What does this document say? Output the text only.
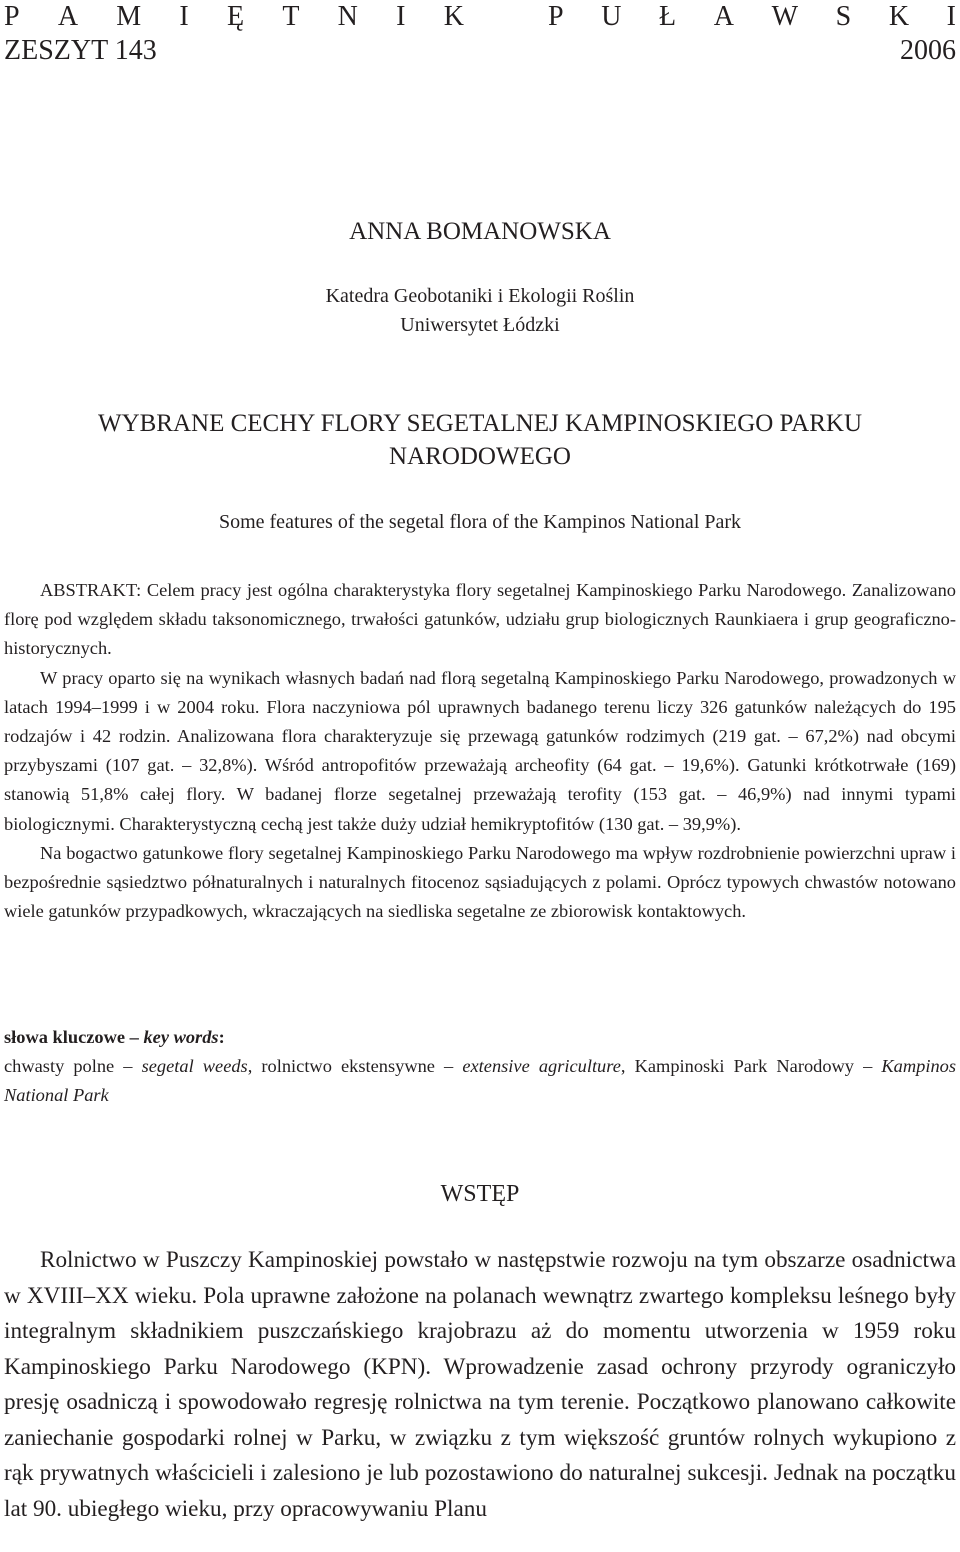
P A M I Ę T N I K	P U Ł A W S K I
ZESZYT 143	2006
ANNA BOMANOWSKA
Katedra Geobotaniki i Ekologii Roślin
Uniwersytet Łódzki
WYBRANE CECHY FLORY SEGETALNEJ KAMPINOSKIEGO PARKU
NARODOWEGO
Some features of the segetal flora of the Kampinos National Park

ABSTRAKT: Celem pracy jest ogólna charakterystyka flory segetalnej Kampinoskiego Parku Narodowego. Zanalizowano florę pod względem składu taksonomicznego, trwałości gatunków, udziału grup biologicznych Raunkiaera i grup geograficzno-historycznych.

W pracy oparto się na wynikach własnych badań nad florą segetalną Kampinoskiego Parku Narodowego, prowadzonych w latach 1994–1999 i w 2004 roku. Flora naczyniowa pól uprawnych badanego terenu liczy 326 gatunków należących do 195 rodzajów i 42 rodzin. Analizowana flora charakteryzuje się przewagą gatunków rodzimych (219 gat. – 67,2%) nad obcymi przybyszami (107 gat. – 32,8%). Wśród antropofitów przeważają archeofity (64 gat. – 19,6%). Gatunki krótkotrwałe (169) stanowią 51,8% całej flory. W badanej florze segetalnej przeważają terofity (153 gat. – 46,9%) nad innymi typami biologicznymi. Charakterystyczną cechą jest także duży udział hemikryptofitów (130 gat. – 39,9%).

Na bogactwo gatunkowe flory segetalnej Kampinoskiego Parku Narodowego ma wpływ rozdrobnienie powierzchni upraw i bezpośrednie sąsiedztwo półnaturalnych i naturalnych fitocenoz sąsiadujących z polami. Oprócz typowych chwastów notowano wiele gatunków przypadkowych, wkraczających na siedliska segetalne ze zbiorowisk kontaktowych.

słowa kluczowe – key words:
chwasty polne – segetal weeds, rolnictwo ekstensywne – extensive agriculture, Kampinoski Park Narodowy – Kampinos National Park
WSTĘP

Rolnictwo w Puszczy Kampinoskiej powstało w następstwie rozwoju na tym obszarze osadnictwa w XVIII–XX wieku. Pola uprawne założone na polanach wewnątrz zwartego kompleksu leśnego były integralnym składnikiem puszczańskiego krajobrazu aż do momentu utworzenia w 1959 roku Kampinoskiego Parku Narodowego (KPN). Wprowadzenie zasad ochrony przyrody ograniczyło presję osadniczą i spowodowało regresję rolnictwa na tym terenie. Początkowo planowano całkowite zaniechanie gospodarki rolnej w Parku, w związku z tym większość gruntów rolnych wykupiono z rąk prywatnych właścicieli i zalesiono je lub pozostawiono do naturalnej sukcesji. Jednak na początku lat 90. ubiegłego wieku, przy opracowywaniu Planu
